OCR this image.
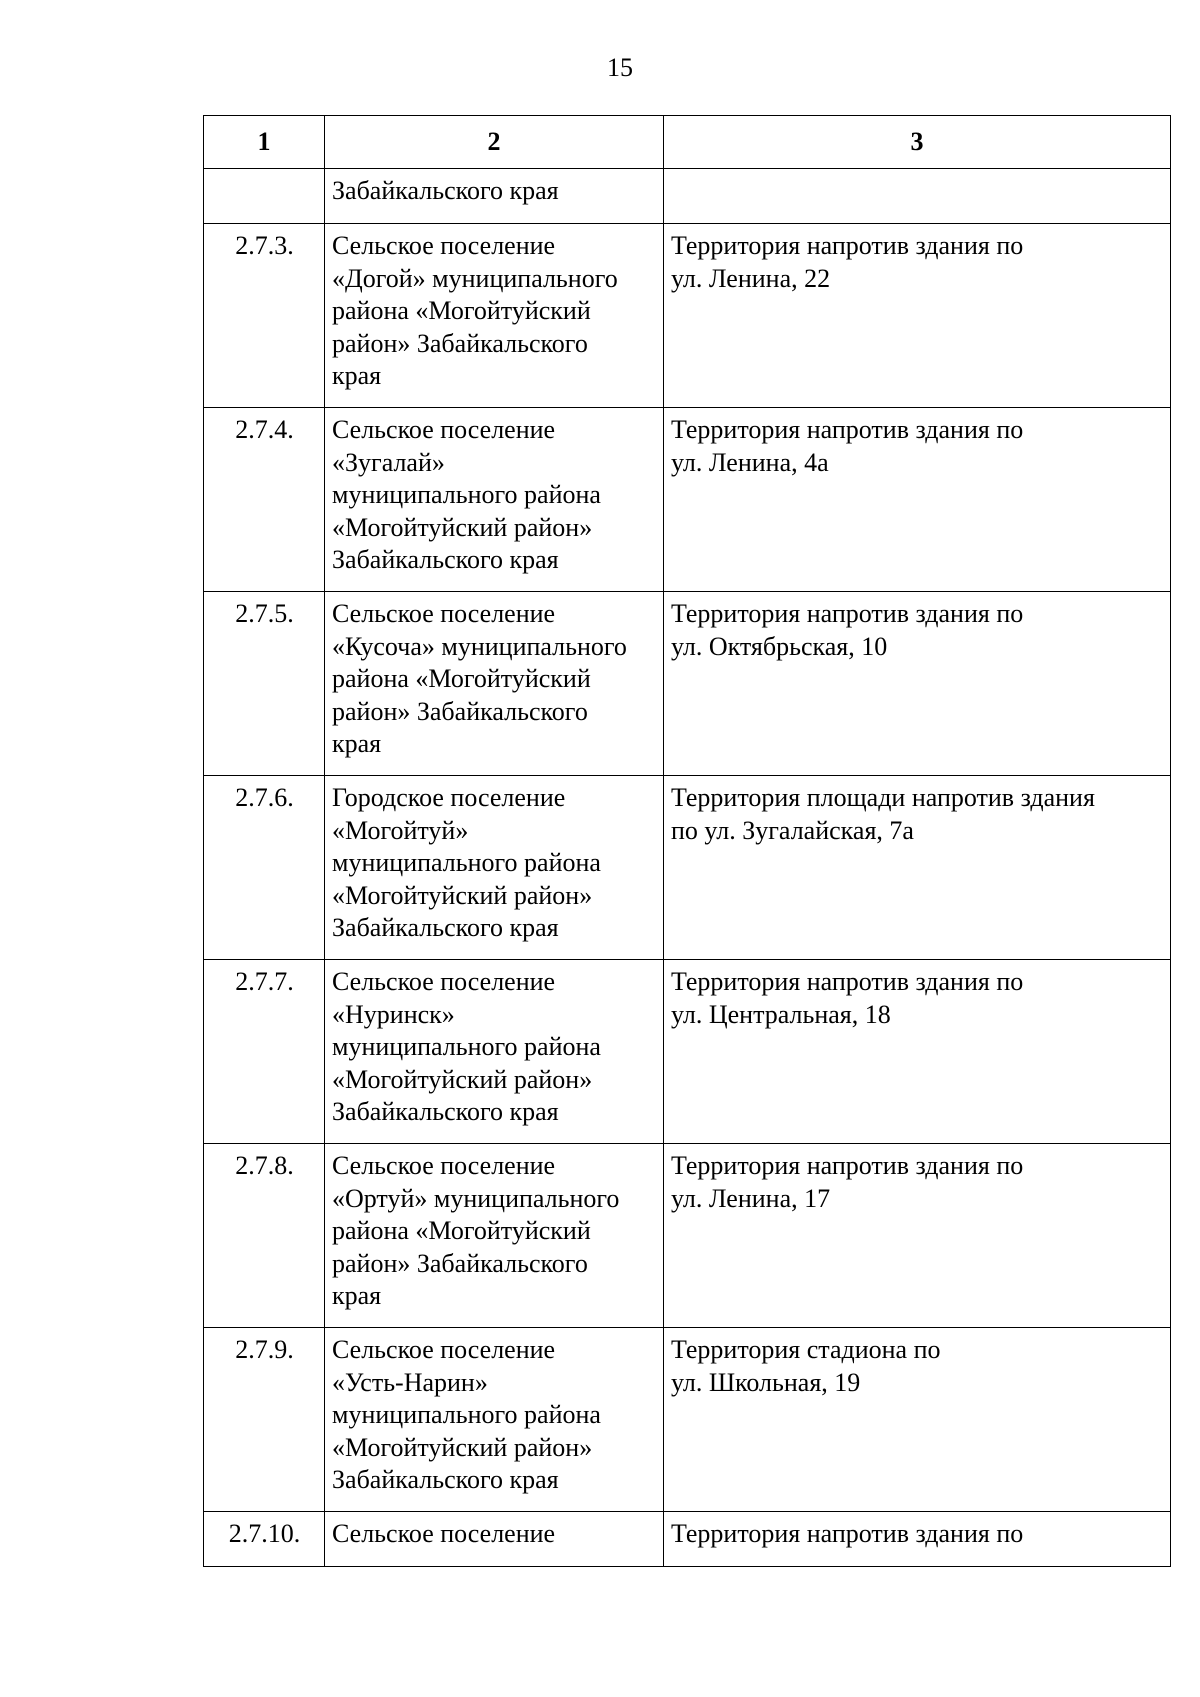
15
1	2	3
	Забайкальского края	
2.7.3.	Сельское поселение
«Догой» муниципального
района «Могойтуйский
район» Забайкальского
края	Территория напротив здания по
ул. Ленина, 22
2.7.4.	Сельское поселение
«Зугалай»
муниципального района
«Могойтуйский район»
Забайкальского края	Территория напротив здания по
ул. Ленина, 4а
2.7.5.	Сельское поселение
«Кусоча» муниципального
района «Могойтуйский
район» Забайкальского
края	Территория напротив здания по
ул. Октябрьская, 10
2.7.6.	Городское поселение
«Могойтуй»
муниципального района
«Могойтуйский район»
Забайкальского края	Территория площади напротив здания
по ул. Зугалайская, 7а
2.7.7.	Сельское поселение
«Нуринск»
муниципального района
«Могойтуйский район»
Забайкальского края	Территория напротив здания по
ул. Центральная, 18
2.7.8.	Сельское поселение
«Ортуй» муниципального
района «Могойтуйский
район» Забайкальского
края	Территория напротив здания по
ул. Ленина, 17
2.7.9.	Сельское поселение
«Усть-Нарин»
муниципального района
«Могойтуйский район»
Забайкальского края	Территория стадиона по
ул. Школьная, 19
2.7.10.	Сельское поселение	Территория напротив здания по
